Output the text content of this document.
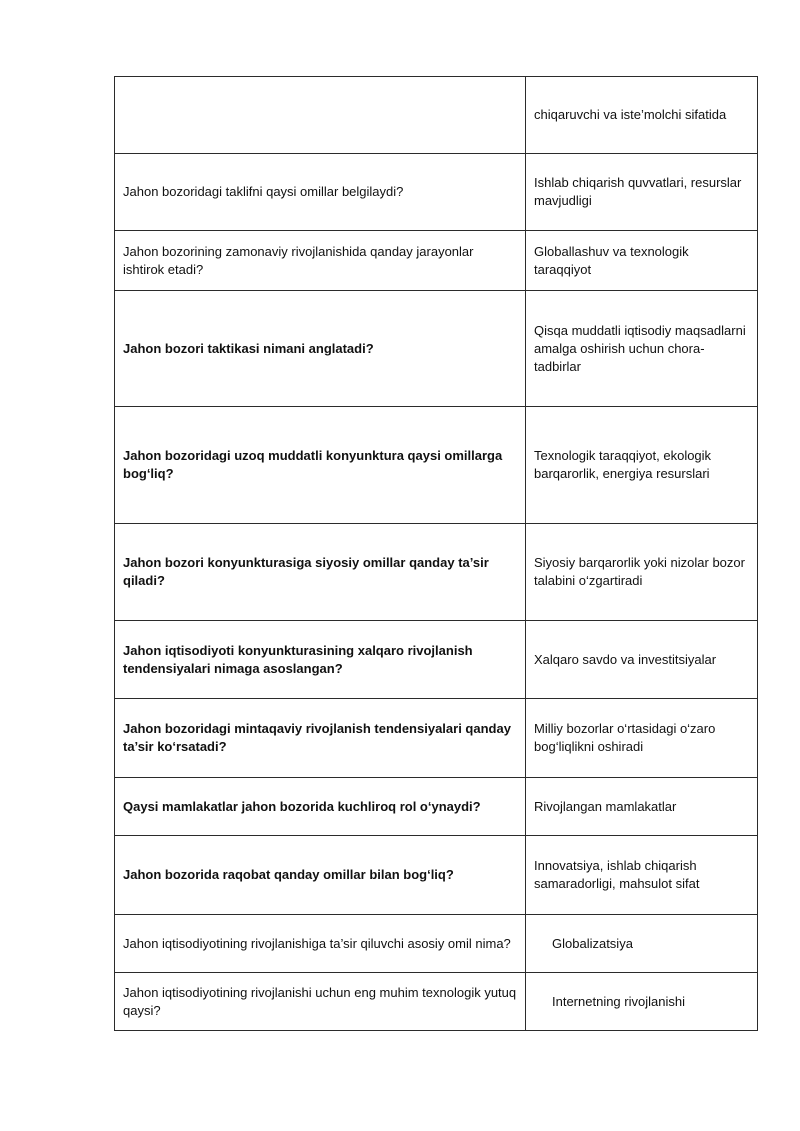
	chiqaruvchi va iste’molchi sifatida
Jahon bozoridagi taklifni qaysi omillar belgilaydi?	Ishlab chiqarish quvvatlari, resurslar mavjudligi
Jahon bozorining zamonaviy rivojlanishida qanday jarayonlar ishtirok etadi?	Globallashuv va texnologik taraqqiyot
Jahon bozori taktikasi nimani anglatadi?	Qisqa muddatli iqtisodiy maqsadlarni amalga oshirish uchun chora-tadbirlar
Jahon bozoridagi uzoq muddatli konyunktura qaysi omillarga bog‘liq?	Texnologik taraqqiyot, ekologik barqarorlik, energiya resurslari
Jahon bozori konyunkturasiga siyosiy omillar qanday ta’sir qiladi?	Siyosiy barqarorlik yoki nizolar bozor talabini o‘zgartiradi
Jahon iqtisodiyoti konyunkturasining xalqaro rivojlanish tendensiyalari nimaga asoslangan?	Xalqaro savdo va investitsiyalar
Jahon bozoridagi mintaqaviy rivojlanish tendensiyalari qanday ta’sir ko‘rsatadi?	Milliy bozorlar o‘rtasidagi o‘zaro bog‘liqlikni oshiradi
Qaysi mamlakatlar jahon bozorida kuchliroq rol o‘ynaydi?	Rivojlangan mamlakatlar
Jahon bozorida raqobat qanday omillar bilan bog‘liq?	Innovatsiya, ishlab chiqarish samaradorligi, mahsulot sifat
Jahon iqtisodiyotining rivojlanishiga ta’sir qiluvchi asosiy omil nima?	Globalizatsiya
Jahon iqtisodiyotining rivojlanishi uchun eng muhim texnologik yutuq qaysi?	Internetning rivojlanishi
